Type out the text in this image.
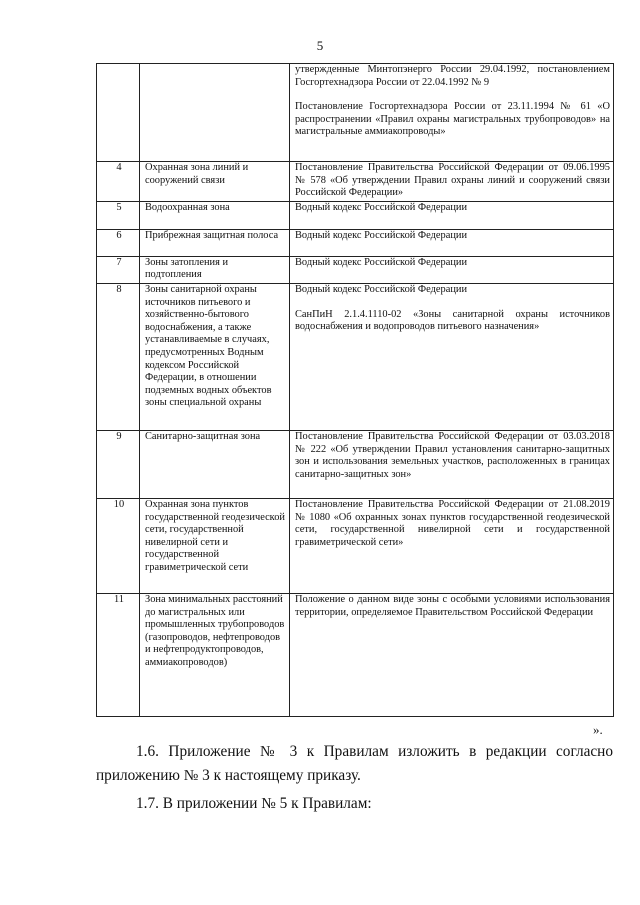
5

		утвержденные Минтопэнерго России 29.04.1992, постановлением Госгортехнадзора России от 22.04.1992 № 9
Постановление Госгортехнадзора России от 23.11.1994 № 61 «О распространении «Правил охраны магистральных трубопроводов» на магистральные аммиакопроводы»

4	Охранная зона линий и сооружений связи	Постановление Правительства Российской Федерации от 09.06.1995 № 578 «Об утверждении Правил охраны линий и сооружений связи Российской Федерации»

5	Водоохранная зона	Водный кодекс Российской Федерации

6	Прибрежная защитная полоса	Водный кодекс Российской Федерации

7	Зоны затопления и подтопления	Водный кодекс Российской Федерации

8	Зоны санитарной охраны источников питьевого и хозяйственно-бытового водоснабжения, а также устанавливаемые в случаях, предусмотренных Водным кодексом Российской Федерации, в отношении подземных водных объектов зоны специальной охраны	Водный кодекс Российской Федерации
СанПиН 2.1.4.1110-02 «Зоны санитарной охраны источников водоснабжения и водопроводов питьевого назначения»

9	Санитарно-защитная зона	Постановление Правительства Российской Федерации от 03.03.2018 № 222 «Об утверждении Правил установления санитарно-защитных зон и использования земельных участков, расположенных в границах санитарно-защитных зон»

10	Охранная зона пунктов государственной геодезической сети, государственной нивелирной сети и государственной гравиметрической сети	Постановление Правительства Российской Федерации от 21.08.2019 № 1080 «Об охранных зонах пунктов государственной геодезической сети, государственной нивелирной сети и государственной гравиметрической сети»

11	Зона минимальных расстояний до магистральных или промышленных трубопроводов (газопроводов, нефтепроводов и нефтепродуктопроводов, аммиакопроводов)	Положение о данном виде зоны с особыми условиями использования территории, определяемое Правительством Российской Федерации
».
1.6. Приложение № 3 к Правилам изложить в редакции согласно приложению № 3 к настоящему приказу.
1.7. В приложении № 5 к Правилам:
